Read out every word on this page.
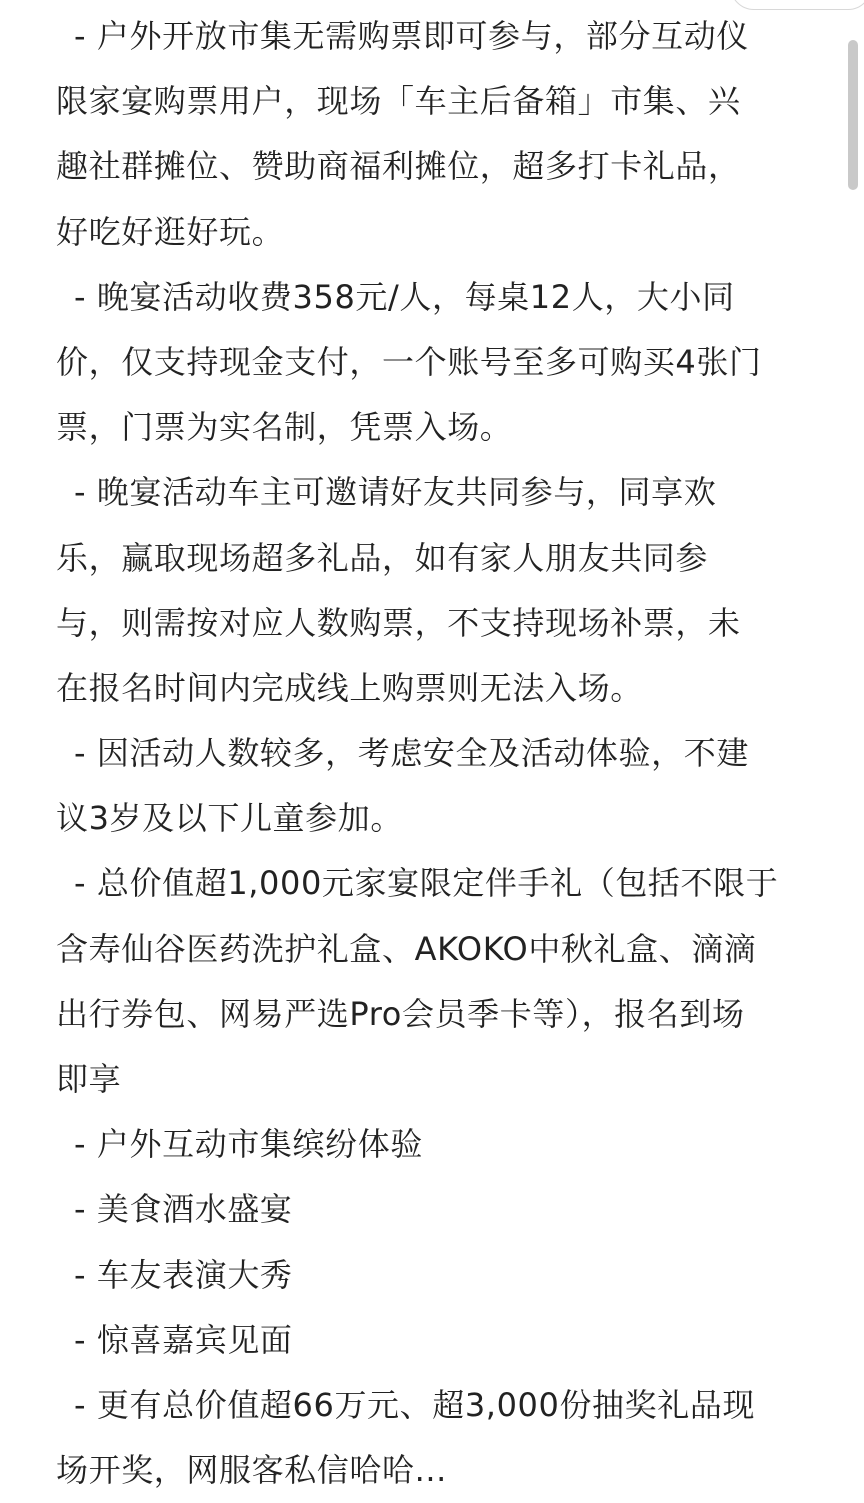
- 户外开放市集无需购票即可参与，部分互动仪
限家宴购票用户，现场「车主后备箱」市集、兴
趣社群摊位、赞助商福利摊位，超多打卡礼品，
好吃好逛好玩。
- 晚宴活动收费358元/人，每桌12人，大小同
价，仅支持现金支付，一个账号至多可购买4张门
票，门票为实名制，凭票入场。
- 晚宴活动车主可邀请好友共同参与，同享欢
乐，赢取现场超多礼品，如有家人朋友共同参
与，则需按对应人数购票，不支持现场补票，未
在报名时间内完成线上购票则无法入场。
- 因活动人数较多，考虑安全及活动体验，不建
议3岁及以下儿童参加。
- 总价值超1,000元家宴限定伴手礼（包括不限于
含寿仙谷医药洗护礼盒、AKOKO中秋礼盒、滴滴
出行券包、网易严选Pro会员季卡等），报名到场
即享
- 户外互动市集缤纷体验
- 美食酒水盛宴
- 车友表演大秀
- 惊喜嘉宾见面
- 更有总价值超66万元、超3,000份抽奖礼品现
场开奖，网服客私信哈哈...
